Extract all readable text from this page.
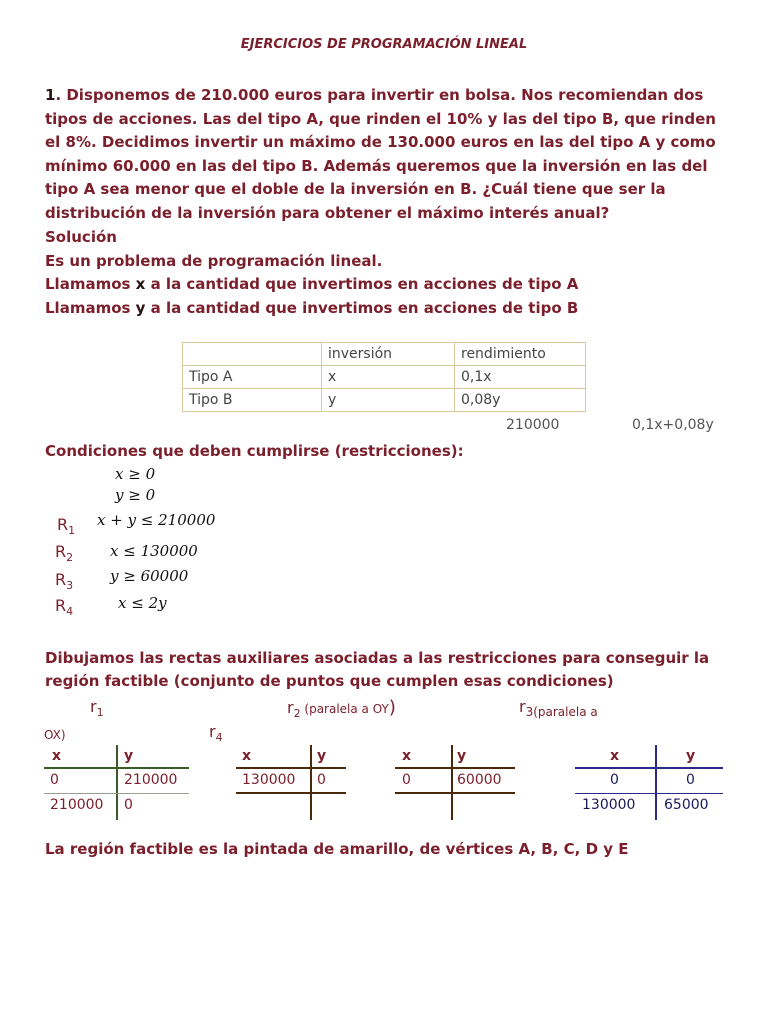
EJERCICIOS DE PROGRAMACIÓN LINEAL
1. Disponemos de 210.000 euros para invertir en bolsa. Nos recomiendan dos tipos de acciones. Las del tipo A, que rinden el 10% y las del tipo B, que rinden el 8%. Decidimos invertir un máximo de 130.000 euros en las del tipo A y como mínimo 60.000 en las del tipo B. Además queremos que la inversión en las del tipo A sea menor que el doble de la inversión en B. ¿Cuál tiene que ser la distribución de la inversión para obtener el máximo interés anual?
Solución
Es un problema de programación lineal.
Llamamos x a la cantidad que invertimos en acciones de tipo A
Llamamos y a la cantidad que invertimos en acciones de tipo B
	inversión	rendimiento
Tipo A	x	0,1x
Tipo B	y	0,08y
210000	0,1x+0,08y
Condiciones que deben cumplirse (restricciones):
x ≥ 0
y ≥ 0
$R_1$
x + y ≤ 210000
$R_2$ x ≤ 130000
$R_3$
y ≥ 60000
$R_4$	x ≤ 2y
Dibujamos las rectas auxiliares asociadas a las restricciones para conseguir la región factible (conjunto de puntos que cumplen esas condiciones)
$r_1$	$r_2$ (paralela a OY)	$r_{3(paralela a}$
OX)	$r_4$
x	y
0	210000
210000 0
x	y
130000 0
x	y
0	60000
x	y
0	0
130000 65000
La región factible es la pintada de amarillo, de vértices A, B, C, D y E
